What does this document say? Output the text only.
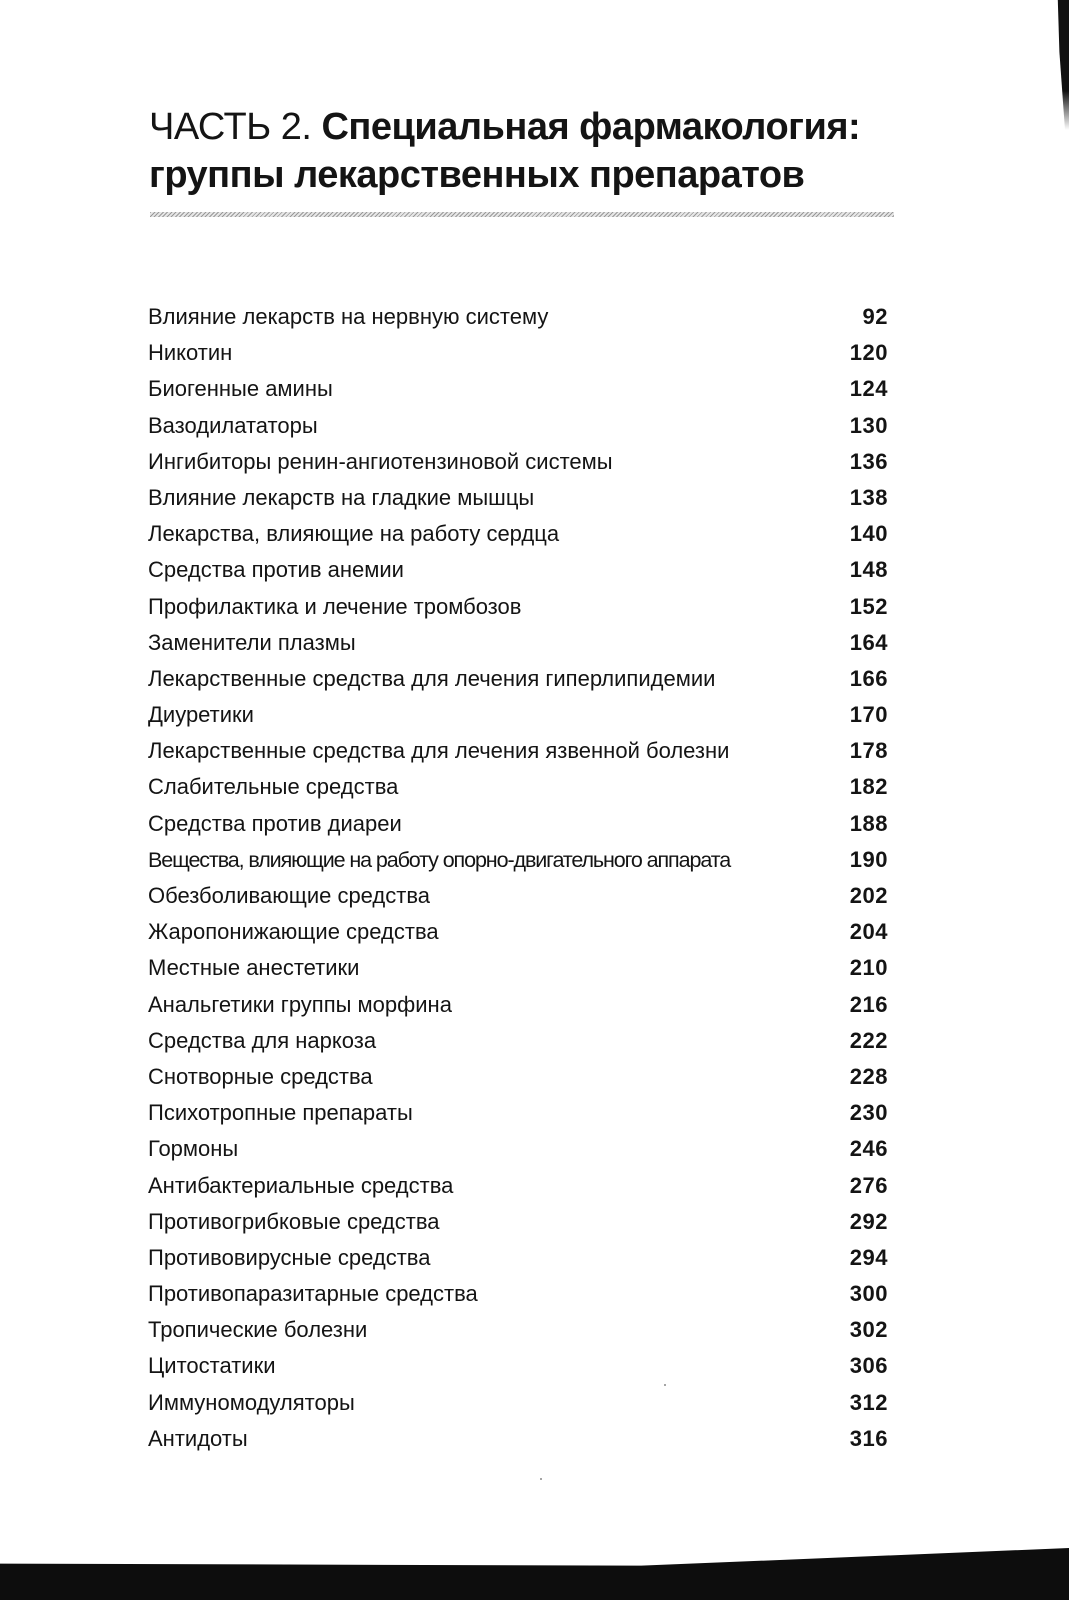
ЧАСТЬ 2. Специальная фармакология:
группы лекарственных препаратов
Влияние лекарств на нервную систему	92
Никотин	120
Биогенные амины	124
Вазодилататоры	130
Ингибиторы ренин-ангиотензиновой системы	136
Влияние лекарств на гладкие мышцы	138
Лекарства, влияющие на работу сердца	140
Средства против анемии	148
Профилактика и лечение тромбозов	152
Заменители плазмы	164
Лекарственные средства для лечения гиперлипидемии	166
Диуретики	170
Лекарственные средства для лечения язвенной болезни	178
Слабительные средства	182
Средства против диареи	188
Вещества, влияющие на работу опорно-двигательного аппарата	190
Обезболивающие средства	202
Жаропонижающие средства	204
Местные анестетики	210
Анальгетики группы морфина	216
Средства для наркоза	222
Снотворные средства	228
Психотропные препараты	230
Гормоны	246
Антибактериальные средства	276
Противогрибковые средства	292
Противовирусные средства	294
Противопаразитарные средства	300
Тропические болезни	302
Цитостатики	306
Иммуномодуляторы	312
Антидоты	316
